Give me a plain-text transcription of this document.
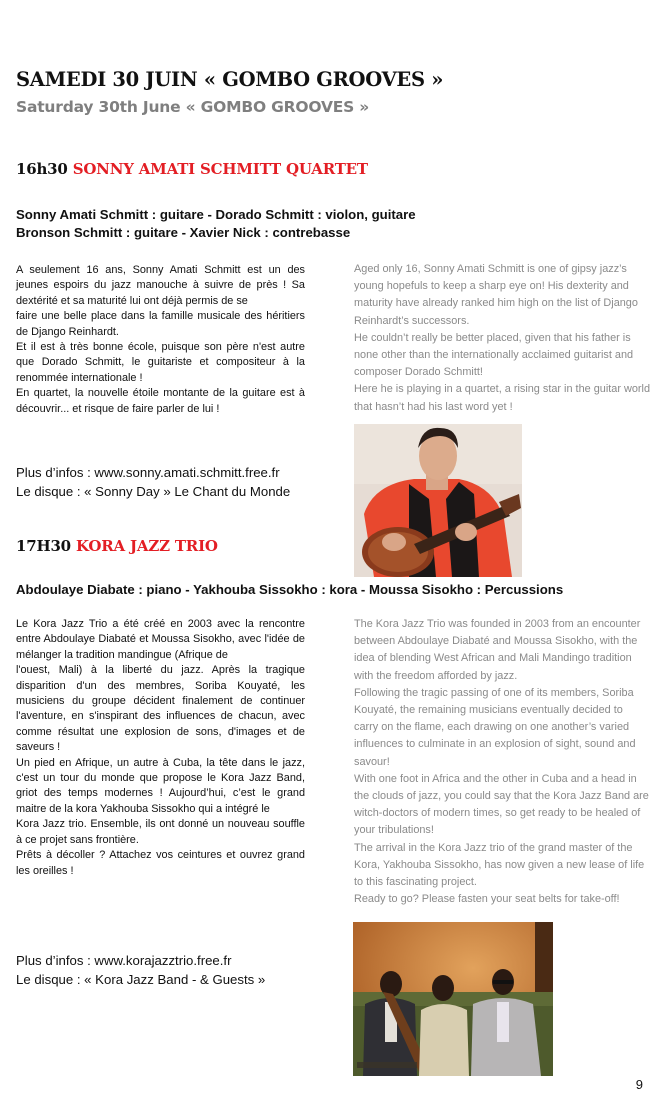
SAMEDI 30 JUIN « GOMBO GROOVES »
Saturday 30th June « GOMBO GROOVES »
16h30 SONNY AMATI SCHMITT QUARTET
Sonny Amati Schmitt : guitare - Dorado Schmitt : violon, guitare
Bronson Schmitt : guitare - Xavier Nick : contrebasse

A seulement 16 ans, Sonny Amati Schmitt est un des jeunes espoirs du jazz manouche à suivre de près ! Sa dextérité et sa maturité lui ont déjà permis de se

faire une belle place dans la famille musicale des héritiers de Django Reinhardt.

Et il est à très bonne école, puisque son père n'est autre que Dorado Schmitt, le guitariste et compositeur à la renommée internationale !

En quartet, la nouvelle étoile montante de la guitare est à découvrir... et risque de faire parler de lui !

Aged only 16, Sonny Amati Schmitt is one of gipsy jazz’s young hopefuls to keep a sharp eye on! His dexterity and maturity have already ranked him high on the list of Django Reinhardt’s successors.

He couldn’t really be better placed, given that his father is none other than the internationally acclaimed guitarist and composer Dorado Schmitt!

Here he is playing in a quartet, a rising star in the guitar world that hasn’t had his last word yet !

Plus d’infos : www.sonny.amati.schmitt.free.fr
Le disque : « Sonny Day » Le Chant du Monde
17H30 KORA JAZZ TRIO
Abdoulaye Diabate : piano - Yakhouba Sissokho : kora - Moussa Sisokho : Percussions

Le Kora Jazz Trio a été créé en 2003 avec la rencontre entre Abdoulaye Diabaté et Moussa Sisokho, avec l'idée de mélanger la tradition mandingue (Afrique de

l'ouest, Mali) à la liberté du jazz. Après la tragique disparition d'un des membres, Soriba Kouyaté, les musiciens du groupe décident finalement de continuer l'aventure, en s'inspirant des influences de chacun, avec comme résultat une explosion de sons, d'images et de saveurs !

Un pied en Afrique, un autre à Cuba, la tête dans le jazz, c'est un tour du monde que propose le Kora Jazz Band, griot des temps modernes ! Aujourd’hui, c’est le grand maitre de la kora Yakhouba Sissokho qui a intégré le

Kora Jazz trio. Ensemble, ils ont donné un nouveau souffle à ce projet sans frontière.

Prêts à décoller ? Attachez vos ceintures et ouvrez grand les oreilles !

The Kora Jazz Trio was founded in 2003 from an encounter between Abdoulaye Diabaté and Moussa Sisokho, with the idea of blending West African and Mali Mandingo tradition with the freedom afforded by jazz.

Following the tragic passing of one of its members, Soriba Kouyaté, the remaining musicians eventually decided to carry on the flame, each drawing on one another’s varied influences to culminate in an explosion of sight, sound and savour!

With one foot in Africa and the other in Cuba and a head in the clouds of jazz, you could say that the Kora Jazz Band are witch-doctors of modern times, so get ready to be healed of your tribulations!

The arrival in the Kora Jazz trio of the grand master of the Kora, Yakhouba Sissokho, has now given a new lease of life to this fascinating project.

Ready to go? Please fasten your seat belts for take-off!

Plus d’infos : www.korajazztrio.free.fr
Le disque : « Kora Jazz Band - & Guests »
9
